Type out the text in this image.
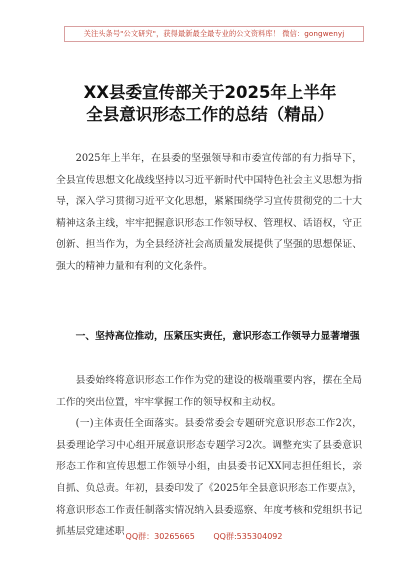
关注头条号"公文研究"，获得最新最全最专业的公文资料库！ 微信：gongwenyj
XX县委宣传部关于2025年上半年
全县意识形态工作的总结（精品）

2025年上半年，在县委的坚强领导和市委宣传部的有力指导下，全县宣传思想文化战线坚持以习近平新时代中国特色社会主义思想为指导，深入学习贯彻习近平文化思想，紧紧围绕学习宣传贯彻党的二十大精神这条主线，牢牢把握意识形态工作领导权、管理权、话语权，守正创新、担当作为，为全县经济社会高质量发展提供了坚强的思想保证、强大的精神力量和有利的文化条件。

一、坚持高位推动，压紧压实责任，意识形态工作领导力显著增强

县委始终将意识形态工作作为党的建设的极端重要内容，摆在全局工作的突出位置，牢牢掌握工作的领导权和主动权。

(一)主体责任全面落实。县委常委会专题研究意识形态工作2次，县委理论学习中心组开展意识形态专题学习2次。调整充实了县委意识形态工作和宣传思想工作领导小组，由县委书记XX同志担任组长，亲自抓、负总责。年初，县委印发了《2025年全县意识形态工作要点》，将意识形态工作责任制落实情况纳入县委巡察、年度考核和党组织书记抓基层党建述职 QQ群：30265665 QQ群:535304092
